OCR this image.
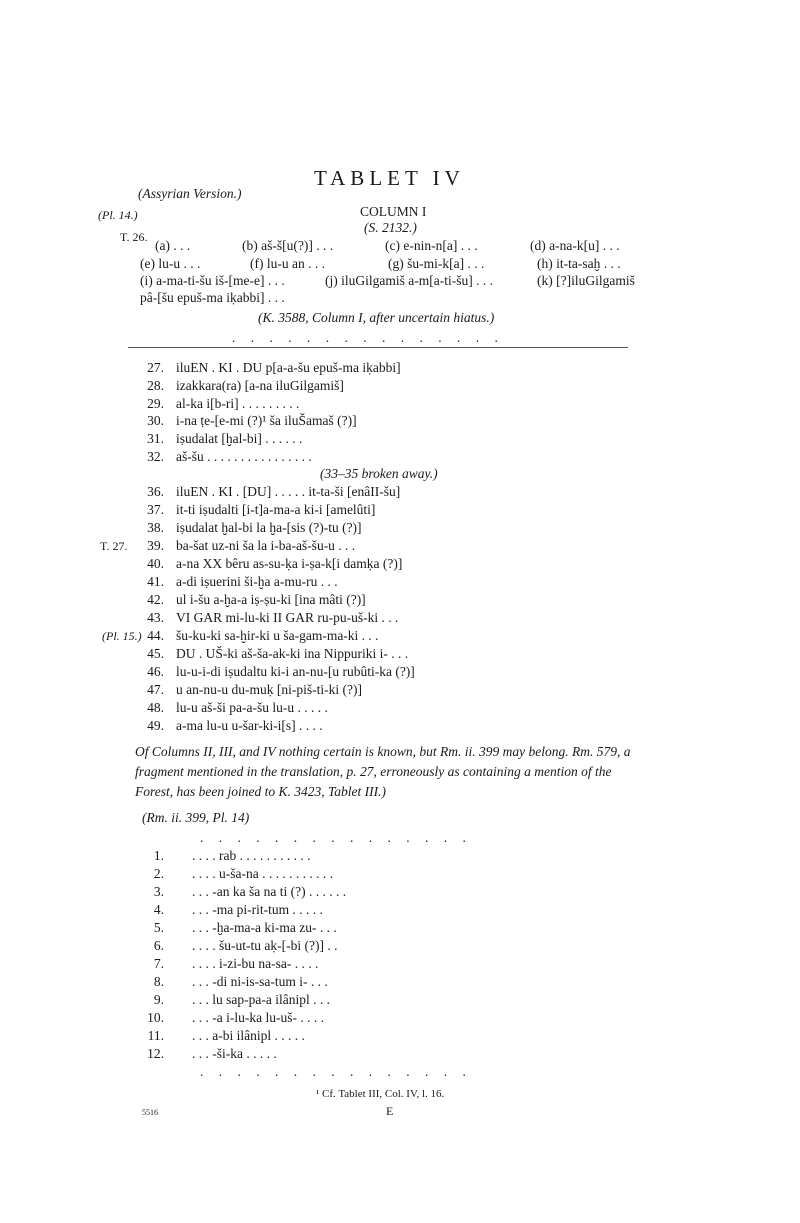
TABLET IV
(Assyrian Version.)
COLUMN I
(S. 2132.)
(Pl. 14.)
T. 26.
(a) . . .	(b) aš-š[u(?)] . . .	(c) e-nin-n[a] . . .	(d) a-na-k[u] . . .
(e) lu-u . . .	(f) lu-u an . . .	(g) šu-mi-k[a] . . .	(h) it-ta-saḫ . . .
(i) a-ma-ti-šu iš-[me-e] . . .	(j) iluGilgamiš a-m[a-ti-šu] . . .	(k) [?]iluGilgamiš
pâ-[šu epuš-ma iḳabbi] . . .
(K. 3588, Column I, after uncertain hiatus.)
. . . . . . . . . . . . . . .
27. iluEN . KI . DU p[a-a-šu epuš-ma iḳabbi]
28. izakkara(ra) [a-na iluGilgamiš]
29. al-ka i[b-ri] . . . . . . . . .
30. i-na ṭe-[e-mi (?)¹ ša iluŠamaš (?)]
31. iṣudalat [ḫal-bi] . . . . . .
32. aš-šu . . . . . . . . . . . . . . . .
(33–35 broken away.)
36. iluEN . KI . [DU] . . . . . it-ta-ši [enâII-šu]
37. it-ti iṣudalti [i-t]a-ma-a ki-i [amelûti]
38. iṣudalat ḫal-bi la ḫa-[sis (?)-tu (?)]
39. ba-šat uz-ni ša la i-ba-aš-šu-u . . .
40. a-na XX bêru as-su-ḳa i-ṣa-k[i damḳa (?)]
41. a-di iṣuerini ši-ḫa a-mu-ru . . .
42. ul i-šu a-ḫa-a iṣ-ṣu-ki [ina mâti (?)]
43. VI GAR mi-lu-ki II GAR ru-pu-uš-ki . . .
44. šu-ku-ki sa-ḫir-ki u ša-gam-ma-ki . . .
45. DU . UŠ-ki aš-ša-ak-ki ina Nippuriki i- . . .
46. lu-u-i-di iṣudaltu ki-i an-nu-[u rubûti-ka (?)]
47. u an-nu-u du-muḳ [ni-piš-ti-ki (?)]
48. lu-u aš-ši pa-a-šu lu-u . . . . .
49. a-ma lu-u u-šar-ki-i[s] . . . .
T. 27.
(Pl. 15.)
Of Columns II, III, and IV nothing certain is known, but Rm. ii. 399 may belong. Rm. 579, a fragment mentioned in the translation, p. 27, erroneously as containing a mention of the Forest, has been joined to K. 3423, Tablet III.)
(Rm. ii. 399, Pl. 14)
. . . . . . . . . . . . . . .
1. . . . . rab . . . . . . . . . . .
2. . . . . u-ša-na . . . . . . . . . . .
3. . . . -an ka ša na ti (?) . . . . . .
4. . . . -ma pi-rit-tum . . . . .
5. . . . -ḫa-ma-a ki-ma zu- . . .
6. . . . . šu-ut-tu aḳ-[-bi (?)] . .
7. . . . . i-zi-bu na-sa- . . . .
8. . . . -di ni-is-sa-tum i- . . .
9. . . . lu sap-pa-a ilânipl . . .
10. . . . -a i-lu-ka lu-uš- . . . .
11. . . . a-bi ilânipl . . . . .
12. . . . -ši-ka . . . . .
. . . . . . . . . . . . . . .
¹ Cf. Tablet III, Col. IV, l. 16.
5516	E
